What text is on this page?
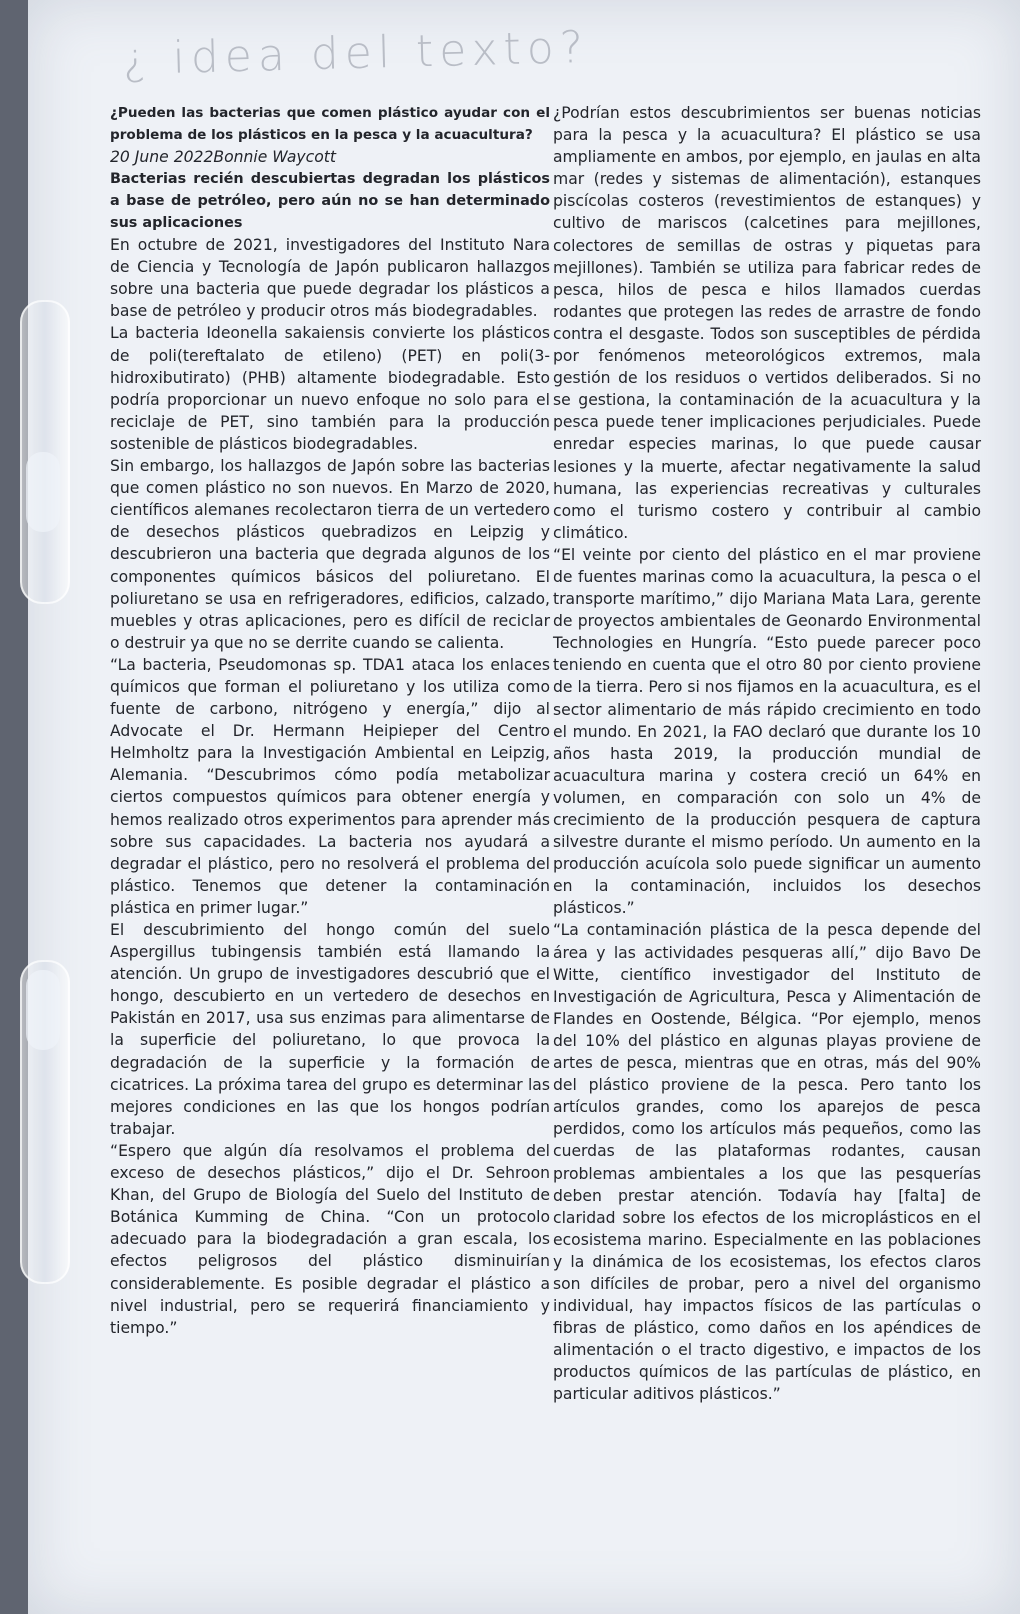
¿ idea del texto?

¿Pueden las bacterias que comen plástico ayudar con el problema de los plásticos en la pesca y la acuacultura?

20 June 2022Bonnie Waycott

Bacterias recién descubiertas degradan los plásticos a base de petróleo, pero aún no se han determinado sus aplicaciones

En octubre de 2021, investigadores del Instituto Nara de Ciencia y Tecnología de Japón publicaron hallazgos sobre una bacteria que puede degradar los plásticos a base de petróleo y producir otros más biodegradables.

La bacteria Ideonella sakaiensis convierte los plásticos de poli(tereftalato de etileno) (PET) en poli(3-hidroxibutirato) (PHB) altamente biodegradable. Esto podría proporcionar un nuevo enfoque no solo para el reciclaje de PET, sino también para la producción sostenible de plásticos biodegradables.

Sin embargo, los hallazgos de Japón sobre las bacterias que comen plástico no son nuevos. En Marzo de 2020, científicos alemanes recolectaron tierra de un vertedero de desechos plásticos quebradizos en Leipzig y descubrieron una bacteria que degrada algunos de los componentes químicos básicos del poliuretano. El poliuretano se usa en refrigeradores, edificios, calzado, muebles y otras aplicaciones, pero es difícil de reciclar o destruir ya que no se derrite cuando se calienta.

“La bacteria, Pseudomonas sp. TDA1 ataca los enlaces químicos que forman el poliuretano y los utiliza como fuente de carbono, nitrógeno y energía,” dijo al Advocate el Dr. Hermann Heipieper del Centro Helmholtz para la Investigación Ambiental en Leipzig, Alemania. “Descubrimos cómo podía metabolizar ciertos compuestos químicos para obtener energía y hemos realizado otros experimentos para aprender más sobre sus capacidades. La bacteria nos ayudará a degradar el plástico, pero no resolverá el problema del plástico. Tenemos que detener la contaminación plástica en primer lugar.”

El descubrimiento del hongo común del suelo Aspergillus tubingensis también está llamando la atención. Un grupo de investigadores descubrió que el hongo, descubierto en un vertedero de desechos en Pakistán en 2017, usa sus enzimas para alimentarse de la superficie del poliuretano, lo que provoca la degradación de la superficie y la formación de cicatrices. La próxima tarea del grupo es determinar las mejores condiciones en las que los hongos podrían trabajar.

“Espero que algún día resolvamos el problema del exceso de desechos plásticos,” dijo el Dr. Sehroon Khan, del Grupo de Biología del Suelo del Instituto de Botánica Kumming de China. “Con un protocolo adecuado para la biodegradación a gran escala, los efectos peligrosos del plástico disminuirían considerablemente. Es posible degradar el plástico a nivel industrial, pero se requerirá financiamiento y tiempo.”

¿Podrían estos descubrimientos ser buenas noticias para la pesca y la acuacultura? El plástico se usa ampliamente en ambos, por ejemplo, en jaulas en alta mar (redes y sistemas de alimentación), estanques piscícolas costeros (revestimientos de estanques) y cultivo de mariscos (calcetines para mejillones, colectores de semillas de ostras y piquetas para mejillones). También se utiliza para fabricar redes de pesca, hilos de pesca e hilos llamados cuerdas rodantes que protegen las redes de arrastre de fondo contra el desgaste. Todos son susceptibles de pérdida por fenómenos meteorológicos extremos, mala gestión de los residuos o vertidos deliberados. Si no se gestiona, la contaminación de la acuacultura y la pesca puede tener implicaciones perjudiciales. Puede enredar especies marinas, lo que puede causar lesiones y la muerte, afectar negativamente la salud humana, las experiencias recreativas y culturales como el turismo costero y contribuir al cambio climático.

“El veinte por ciento del plástico en el mar proviene de fuentes marinas como la acuacultura, la pesca o el transporte marítimo,” dijo Mariana Mata Lara, gerente de proyectos ambientales de Geonardo Environmental Technologies en Hungría. “Esto puede parecer poco teniendo en cuenta que el otro 80 por ciento proviene de la tierra. Pero si nos fijamos en la acuacultura, es el sector alimentario de más rápido crecimiento en todo el mundo. En 2021, la FAO declaró que durante los 10 años hasta 2019, la producción mundial de acuacultura marina y costera creció un 64% en volumen, en comparación con solo un 4% de crecimiento de la producción pesquera de captura silvestre durante el mismo período. Un aumento en la producción acuícola solo puede significar un aumento en la contaminación, incluidos los desechos plásticos.”

“La contaminación plástica de la pesca depende del área y las actividades pesqueras allí,” dijo Bavo De Witte, científico investigador del Instituto de Investigación de Agricultura, Pesca y Alimentación de Flandes en Oostende, Bélgica. “Por ejemplo, menos del 10% del plástico en algunas playas proviene de artes de pesca, mientras que en otras, más del 90% del plástico proviene de la pesca. Pero tanto los artículos grandes, como los aparejos de pesca perdidos, como los artículos más pequeños, como las cuerdas de las plataformas rodantes, causan problemas ambientales a los que las pesquerías deben prestar atención. Todavía hay [falta] de claridad sobre los efectos de los microplásticos en el ecosistema marino. Especialmente en las poblaciones y la dinámica de los ecosistemas, los efectos claros son difíciles de probar, pero a nivel del organismo individual, hay impactos físicos de las partículas o fibras de plástico, como daños en los apéndices de alimentación o el tracto digestivo, e impactos de los productos químicos de las partículas de plástico, en particular aditivos plásticos.”
